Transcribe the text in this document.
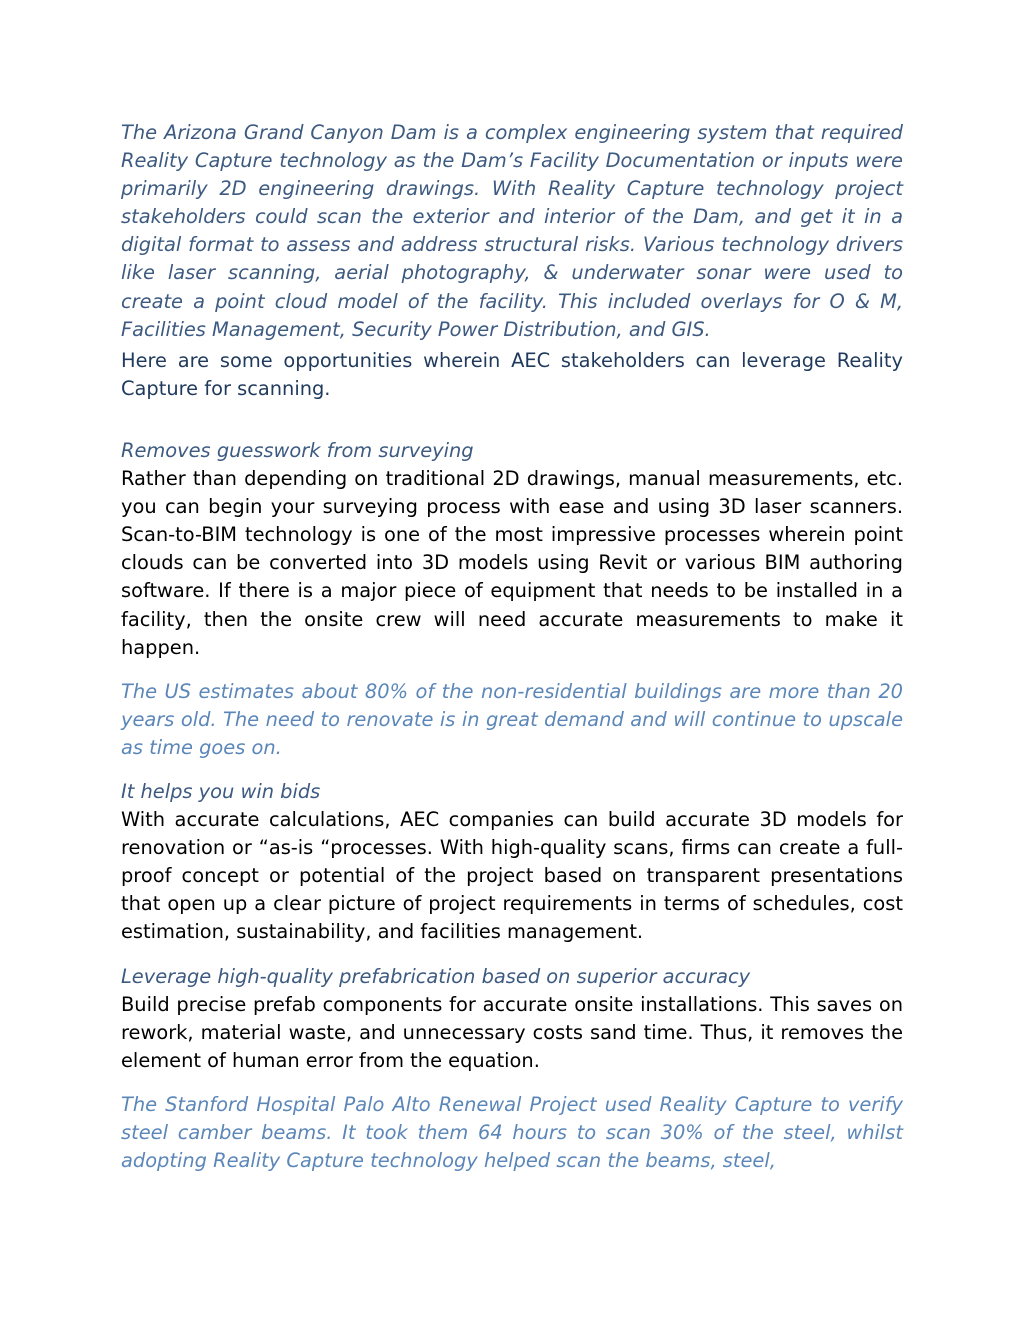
The Arizona Grand Canyon Dam is a complex engineering system that required Reality Capture technology as the Dam’s Facility Documentation or inputs were primarily 2D engineering drawings. With Reality Capture technology project stakeholders could scan the exterior and interior of the Dam, and get it in a digital format to assess and address structural risks. Various technology drivers like laser scanning, aerial photography, & underwater sonar were used to create a point cloud model of the facility. This included overlays for O & M, Facilities Management, Security Power Distribution, and GIS.

Here are some opportunities wherein AEC stakeholders can leverage Reality Capture for scanning.

Removes guesswork from surveying

Rather than depending on traditional 2D drawings, manual measurements, etc. you can begin your surveying process with ease and using 3D laser scanners. Scan-to-BIM technology is one of the most impressive processes wherein point clouds can be converted into 3D models using Revit or various BIM authoring software. If there is a major piece of equipment that needs to be installed in a facility, then the onsite crew will need accurate measurements to make it happen.

The US estimates about 80% of the non-residential buildings are more than 20 years old. The need to renovate is in great demand and will continue to upscale as time goes on.

It helps you win bids

With accurate calculations, AEC companies can build accurate 3D models for renovation or “as-is “processes. With high-quality scans, firms can create a full-proof concept or potential of the project based on transparent presentations that open up a clear picture of project requirements in terms of schedules, cost estimation, sustainability, and facilities management.

Leverage high-quality prefabrication based on superior accuracy

Build precise prefab components for accurate onsite installations. This saves on rework, material waste, and unnecessary costs sand time. Thus, it removes the element of human error from the equation.

The Stanford Hospital Palo Alto Renewal Project used Reality Capture to verify steel camber beams. It took them 64 hours to scan 30% of the steel, whilst adopting Reality Capture technology helped scan the beams, steel,
